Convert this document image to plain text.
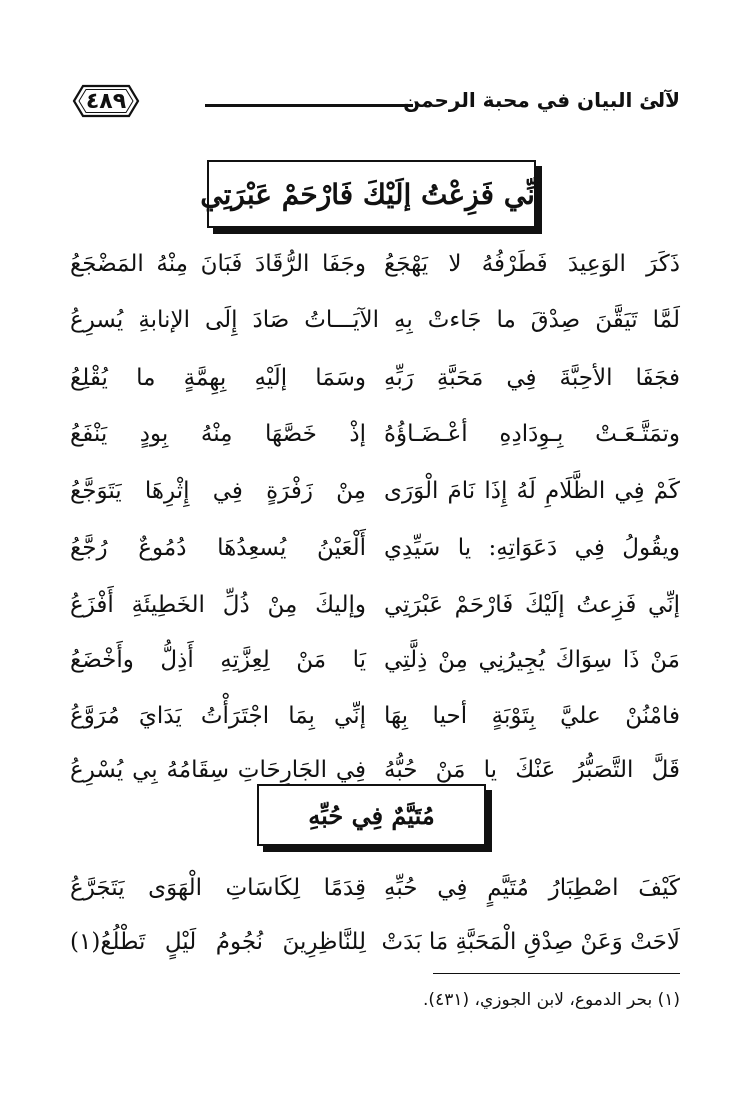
لآلئ البيان في محبة الرحمن
٤٨٩
إنِّي فَزِعْتُ إلَيْكَ فَارْحَمْ عَبْرَتِي
ذَكَرَ الوَعِيدَ فَطَرْفُهُ لا يَهْجَعُ
وجَفَا الرُّقَادَ فَبَانَ مِنْهُ المَضْجَعُ
لَمَّا تَيَقَّنَ صِدْقَ ما جَاءتْ بِهِ الآيَـــاتُ صَادَ إِلَى الإنابةِ يُسرِعُ
فجَفَا الأحِبَّةَ فِي مَحَبَّةِ رَبِّهِ
وسَمَا إلَيْهِ بِهِمَّةٍ ما يُقْلِعُ
وتمَتَّـعَـتْ بِـوِدَادِهِ أعْـضَـاؤُهُ
إذْ خَصَّهَا مِنْهُ بِودٍ يَنْفَعُ
كَمْ فِي الظَّلَامِ لَهُ إِذَا نَامَ الْوَرَى
مِنْ زَفْرَةٍ فِي إِثْرِهَا يَتَوَجَّعُ
ويقُولُ فِي دَعَوَاتِهِ: يا سَيِّدِي
أَلْعَيْنُ يُسعِدُهَا دُمُوعٌ رُجَّعُ
إنِّي فَزِعتُ إلَيْكَ فَارْحَمْ عَبْرَتِي
وإليكَ مِنْ ذُلِّ الخَطِيئَةِ أَفْزَعُ
مَنْ ذَا سِوَاكَ يُجِيرُنِي مِنْ ذِلَّتِي
يَا مَنْ لِعِزَّتِهِ أَذِلُّ وأَخْضَعُ
فامْنُنْ عليَّ بِتَوْبَةٍ أحيا بِهَا
إنِّي بِمَا اجْتَرَأْتُ يَدَايَ مُرَوَّعُ
قَلَّ التَّصَبُّرُ عَنْكَ يا مَنْ حُبُّهُ
فِي الجَارِحَاتِ سِقَامُهُ بِي يُسْرِعُ
مُتَيَّمٌ فِي حُبِّهِ
كَيْفَ اصْطِبَارُ مُتَيَّمٍ فِي حُبِّهِ
قِدَمًا لِكَاسَاتِ الْهَوَى يَتَجَرَّعُ
لَاحَتْ وَعَنْ صِدْقِ الْمَحَبَّةِ مَا بَدَتْ
لِلنَّاظِرِينَ نُجُومُ لَيْلٍ تَطْلُعُ(١)
(١) بحر الدموع، لابن الجوزي، (٤٣١).
